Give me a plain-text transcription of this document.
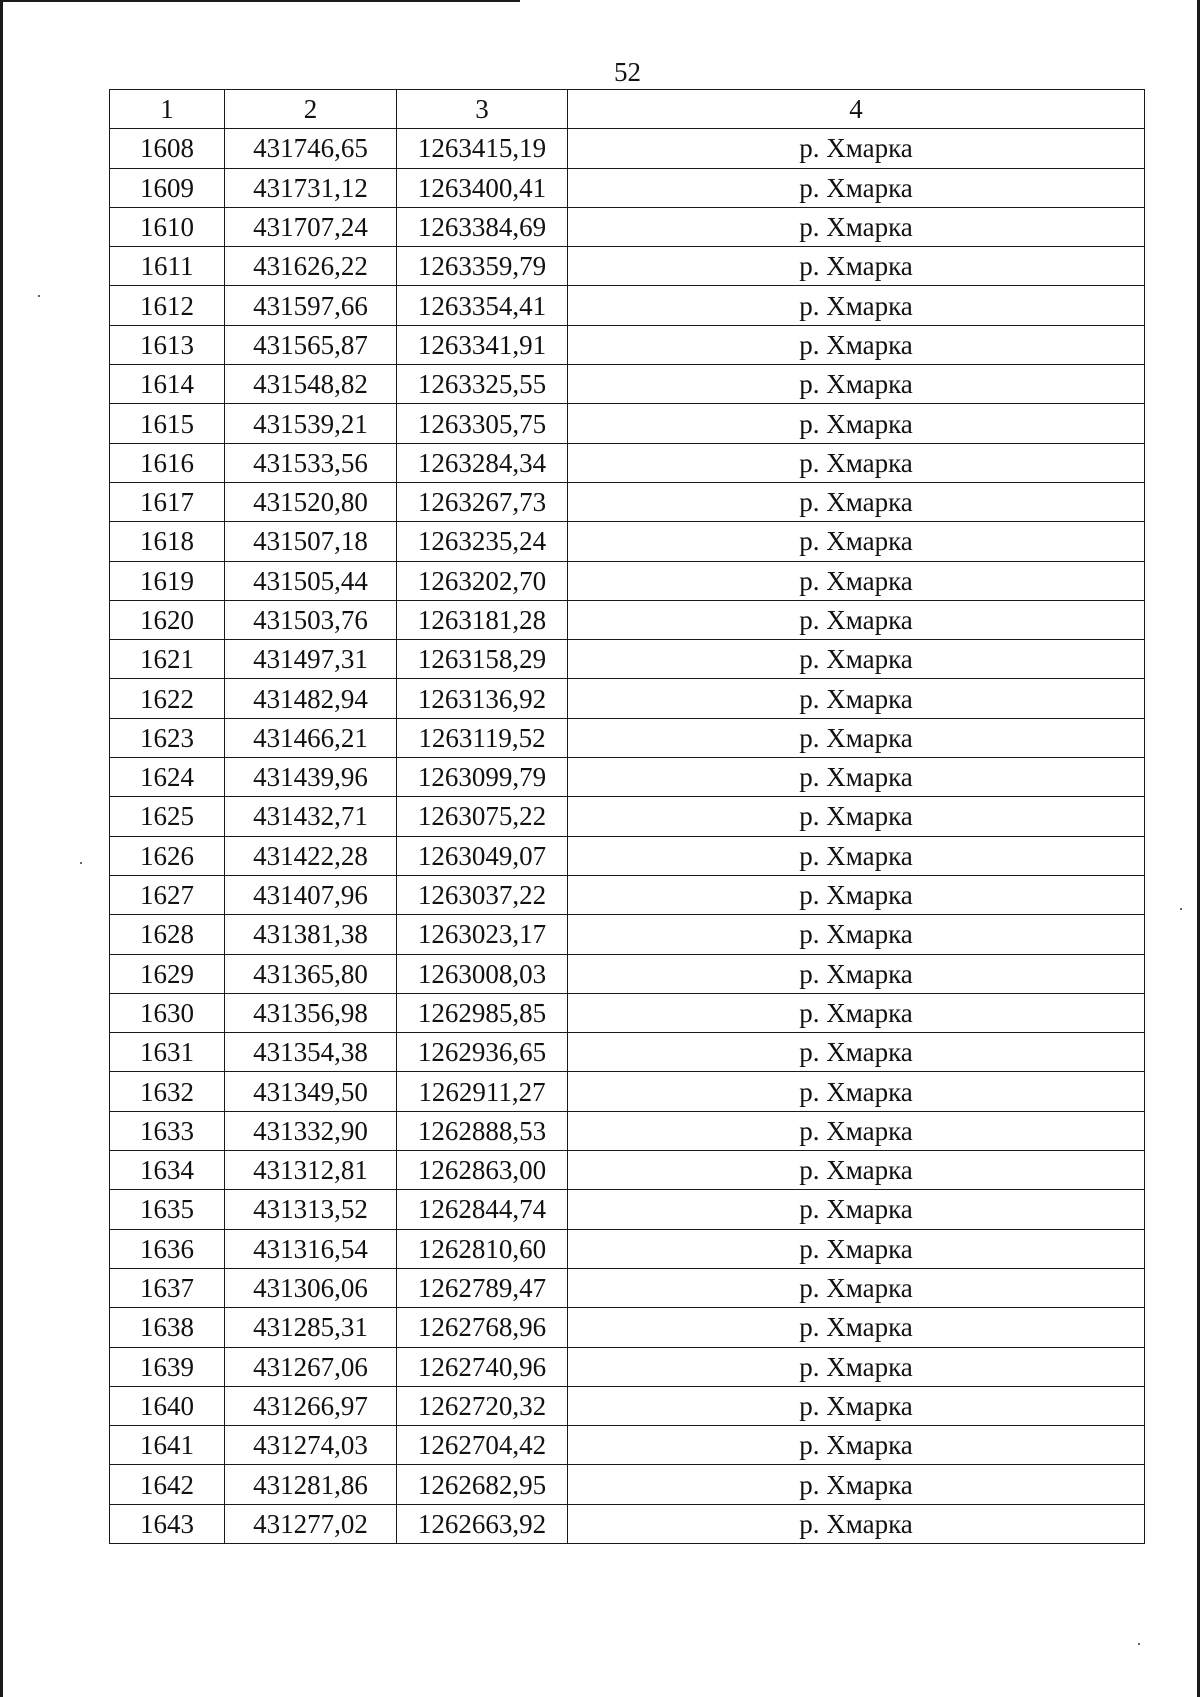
52
1	2	3	4
1608	431746,65	1263415,19	р. Хмарка
1609	431731,12	1263400,41	р. Хмарка
1610	431707,24	1263384,69	р. Хмарка
1611	431626,22	1263359,79	р. Хмарка
1612	431597,66	1263354,41	р. Хмарка
1613	431565,87	1263341,91	р. Хмарка
1614	431548,82	1263325,55	р. Хмарка
1615	431539,21	1263305,75	р. Хмарка
1616	431533,56	1263284,34	р. Хмарка
1617	431520,80	1263267,73	р. Хмарка
1618	431507,18	1263235,24	р. Хмарка
1619	431505,44	1263202,70	р. Хмарка
1620	431503,76	1263181,28	р. Хмарка
1621	431497,31	1263158,29	р. Хмарка
1622	431482,94	1263136,92	р. Хмарка
1623	431466,21	1263119,52	р. Хмарка
1624	431439,96	1263099,79	р. Хмарка
1625	431432,71	1263075,22	р. Хмарка
1626	431422,28	1263049,07	р. Хмарка
1627	431407,96	1263037,22	р. Хмарка
1628	431381,38	1263023,17	р. Хмарка
1629	431365,80	1263008,03	р. Хмарка
1630	431356,98	1262985,85	р. Хмарка
1631	431354,38	1262936,65	р. Хмарка
1632	431349,50	1262911,27	р. Хмарка
1633	431332,90	1262888,53	р. Хмарка
1634	431312,81	1262863,00	р. Хмарка
1635	431313,52	1262844,74	р. Хмарка
1636	431316,54	1262810,60	р. Хмарка
1637	431306,06	1262789,47	р. Хмарка
1638	431285,31	1262768,96	р. Хмарка
1639	431267,06	1262740,96	р. Хмарка
1640	431266,97	1262720,32	р. Хмарка
1641	431274,03	1262704,42	р. Хмарка
1642	431281,86	1262682,95	р. Хмарка
1643	431277,02	1262663,92	р. Хмарка
